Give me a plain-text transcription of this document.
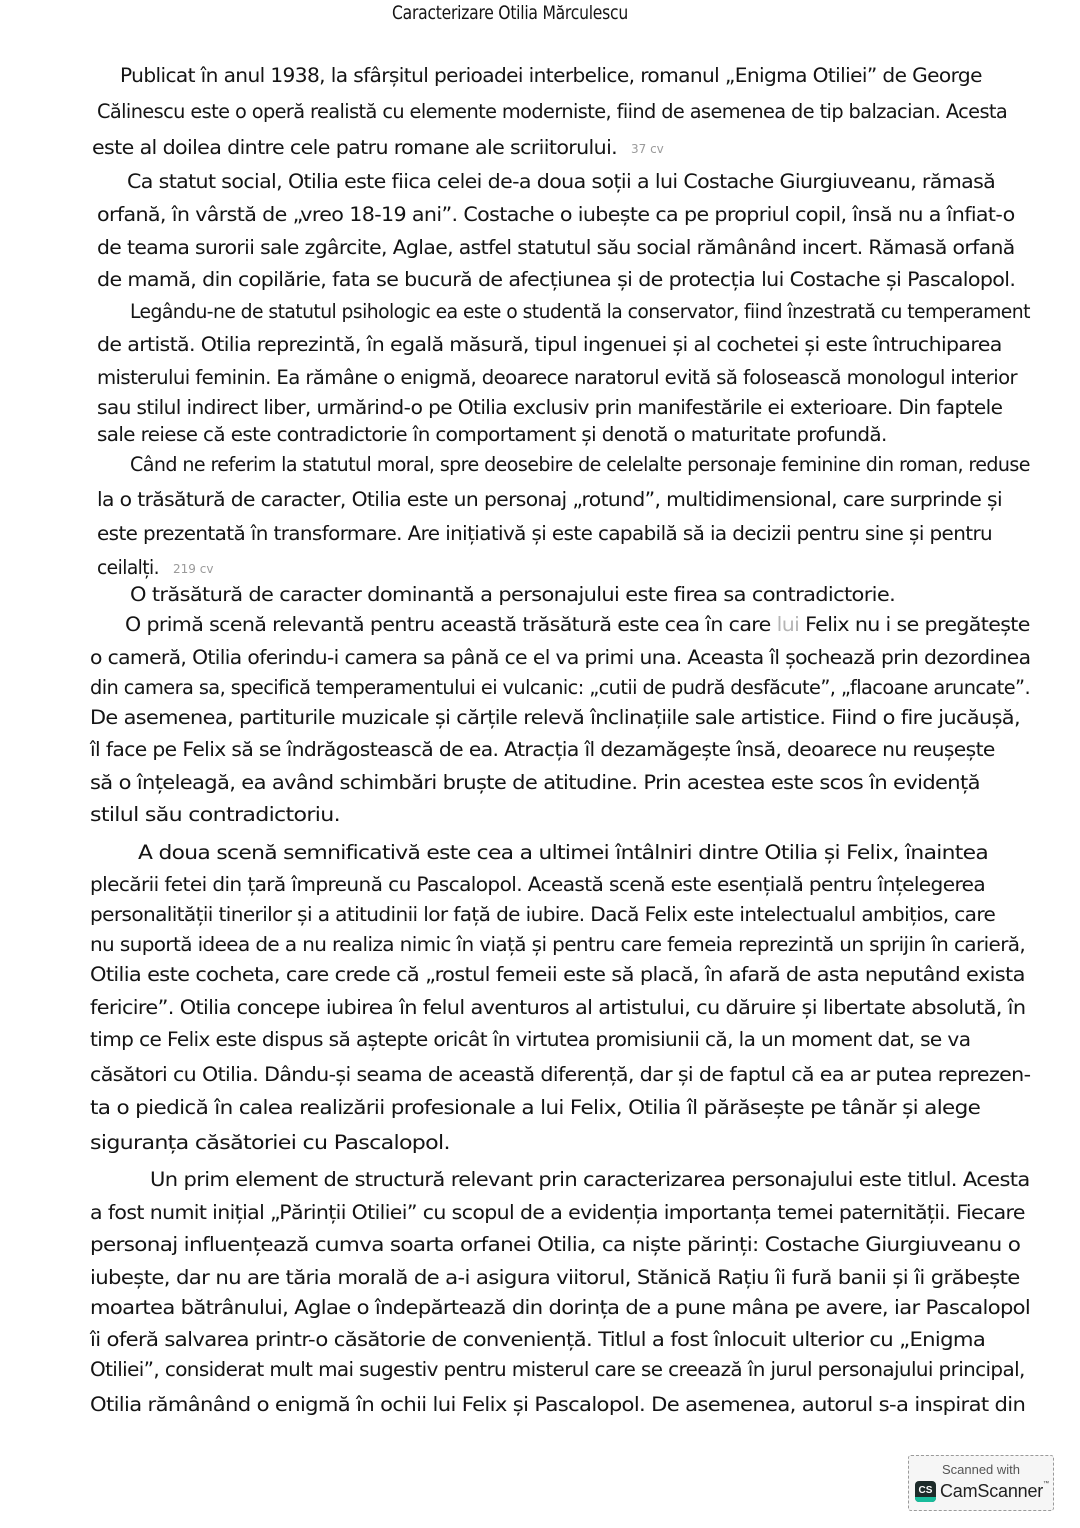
Caracterizare Otilia Mărculescu
Publicat în anul 1938, la sfârșitul perioadei interbelice, romanul „Enigma Otiliei” de George
Călinescu este o operă realistă cu elemente moderniste, fiind de asemenea de tip balzacian. Acesta
este al doilea dintre cele patru romane ale scriitorului. 37 cv
Ca statut social, Otilia este fiica celei de-a doua soții a lui Costache Giurgiuveanu, rămasă
orfană, în vârstă de „vreo 18-19 ani”. Costache o iubește ca pe propriul copil, însă nu a înfiat-o
de teama surorii sale zgârcite, Aglae, astfel statutul său social rămânând incert. Rămasă orfană
de mamă, din copilărie, fata se bucură de afecțiunea și de protecția lui Costache și Pascalopol.
Legându-ne de statutul psihologic ea este o studentă la conservator, fiind înzestrată cu temperament
de artistă. Otilia reprezintă, în egală măsură, tipul ingenuei și al cochetei și este întruchiparea
misterului feminin. Ea rămâne o enigmă, deoarece naratorul evită să folosească monologul interior
sau stilul indirect liber, urmărind-o pe Otilia exclusiv prin manifestările ei exterioare. Din faptele
sale reiese că este contradictorie în comportament și denotă o maturitate profundă.
Când ne referim la statutul moral, spre deosebire de celelalte personaje feminine din roman, reduse
la o trăsătură de caracter, Otilia este un personaj „rotund”, multidimensional, care surprinde și
este prezentată în transformare. Are inițiativă și este capabilă să ia decizii pentru sine și pentru
ceilalți. 219 cv
O trăsătură de caracter dominantă a personajului este firea sa contradictorie.
O primă scenă relevantă pentru această trăsătură este cea în care lui Felix nu i se pregătește
o cameră, Otilia oferindu-i camera sa până ce el va primi una. Aceasta îl șochează prin dezordinea
din camera sa, specifică temperamentului ei vulcanic: „cutii de pudră desfăcute”, „flacoane aruncate”.
De asemenea, partiturile muzicale și cărțile relevă înclinațiile sale artistice. Fiind o fire jucăușă,
îl face pe Felix să se îndrăgostească de ea. Atracția îl dezamăgește însă, deoarece nu reușește
să o înțeleagă, ea având schimbări bruște de atitudine. Prin acestea este scos în evidență
stilul său contradictoriu.
A doua scenă semnificativă este cea a ultimei întâlniri dintre Otilia și Felix, înaintea
plecării fetei din țară împreună cu Pascalopol. Această scenă este esențială pentru înțelegerea
personalității tinerilor și a atitudinii lor față de iubire. Dacă Felix este intelectualul ambițios, care
nu suportă ideea de a nu realiza nimic în viață și pentru care femeia reprezintă un sprijin în carieră,
Otilia este cocheta, care crede că „rostul femeii este să placă, în afară de asta neputând exista
fericire”. Otilia concepe iubirea în felul aventuros al artistului, cu dăruire și libertate absolută, în
timp ce Felix este dispus să aștepte oricât în virtutea promisiunii că, la un moment dat, se va
căsători cu Otilia. Dându-și seama de această diferență, dar și de faptul că ea ar putea reprezen-
ta o piedică în calea realizării profesionale a lui Felix, Otilia îl părăsește pe tânăr și alege
siguranța căsătoriei cu Pascalopol.
Un prim element de structură relevant prin caracterizarea personajului este titlul. Acesta
a fost numit inițial „Părinții Otiliei” cu scopul de a evidenția importanța temei paternității. Fiecare
personaj influențează cumva soarta orfanei Otilia, ca niște părinți: Costache Giurgiuveanu o
iubește, dar nu are tăria morală de a-i asigura viitorul, Stănică Rațiu îi fură banii și îi grăbește
moartea bătrânului, Aglae o îndepărtează din dorința de a pune mâna pe avere, iar Pascalopol
îi oferă salvarea printr-o căsătorie de conveniență. Titlul a fost înlocuit ulterior cu „Enigma
Otiliei”, considerat mult mai sugestiv pentru misterul care se creează în jurul personajului principal,
Otilia rămânând o enigmă în ochii lui Felix și Pascalopol. De asemenea, autorul s-a inspirat din
Scanned with
CS CamScanner™
